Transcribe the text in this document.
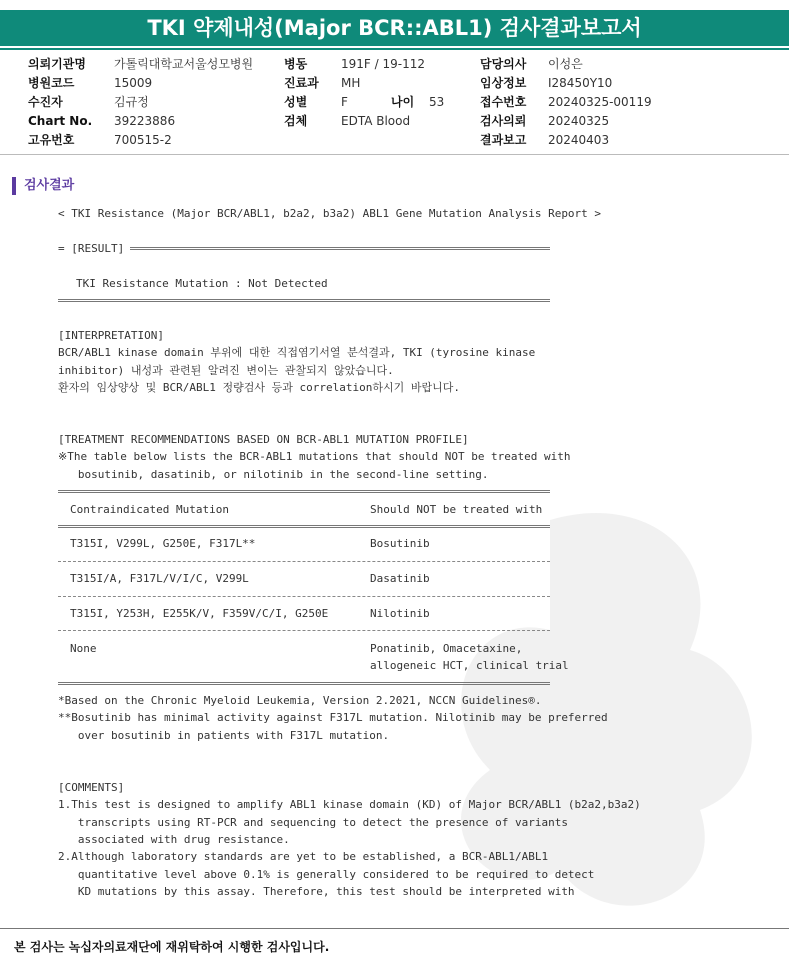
TKI 약제내성(Major BCR::ABL1) 검사결과보고서
의뢰기관명 가톨릭대학교서울성모병원
병원코드	15009
수진자	김규정
Chart No. 39223886
고유번호	700515-2
병동	191F / 19-112
진료과 MH
성별	F	나이 53
검체	EDTA Blood
담당의사 이성은
임상정보 I28450Y10
접수번호 20240325-00119
검사의뢰 20240325
결과보고 20240403
검사결과
< TKI Resistance (Major BCR/ABL1, b2a2, b3a2) ABL1 Gene Mutation Analysis Report >

= [RESULT]

TKI Resistance Mutation : Not Detected

[INTERPRETATION]
BCR/ABL1 kinase domain 부위에 대한 직접염기서열 분석결과, TKI (tyrosine kinase
inhibitor) 내성과 관련된 알려진 변이는 관찰되지 않았습니다.
환자의 임상양상 및 BCR/ABL1 정량검사 등과 correlation하시기 바랍니다.

[TREATMENT RECOMMENDATIONS BASED ON BCR-ABL1 MUTATION PROFILE]
※The table below lists the BCR-ABL1 mutations that should NOT be treated with
bosutinib, dasatinib, or nilotinib in the second-line setting.
Contraindicated Mutation	Should NOT be treated with
T315I, V299L, G250E, F317L**	Bosutinib
T315I/A, F317L/V/I/C, V299L	Dasatinib
T315I, Y253H, E255K/V, F359V/C/I, G250E	Nilotinib
None	Ponatinib, Omacetaxine,
allogeneic HCT, clinical trial
*Based on the Chronic Myeloid Leukemia, Version 2.2021, NCCN Guidelines®.
**Bosutinib has minimal activity against F317L mutation. Nilotinib may be preferred
over bosutinib in patients with F317L mutation.

[COMMENTS]
1.This test is designed to amplify ABL1 kinase domain (KD) of Major BCR/ABL1 (b2a2,b3a2)
transcripts using RT-PCR and sequencing to detect the presence of variants
associated with drug resistance.
2.Although laboratory standards are yet to be established, a BCR-ABL1/ABL1
quantitative level above 0.1% is generally considered to be required to detect
KD mutations by this assay. Therefore, this test should be interpreted with
본 검사는 녹십자의료재단에 재위탁하여 시행한 검사입니다.
